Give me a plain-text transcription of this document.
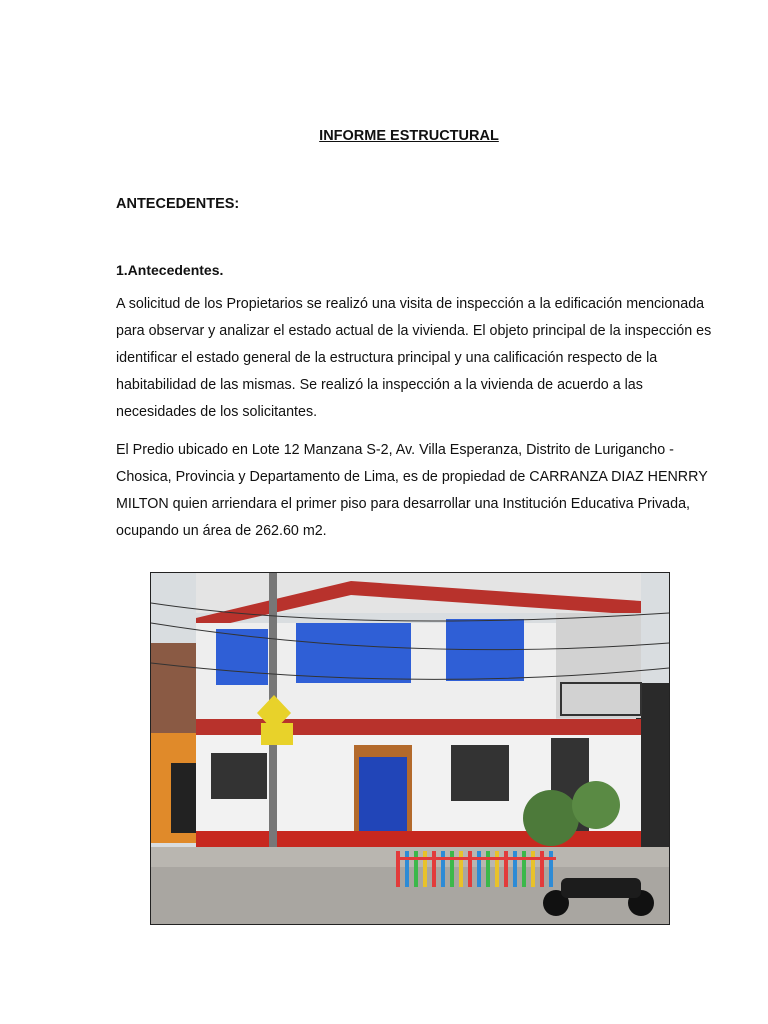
INFORME ESTRUCTURAL
ANTECEDENTES:
1.Antecedentes.

A solicitud de los Propietarios se realizó una visita de inspección a la edificación mencionada para observar y analizar el estado actual de la vivienda. El objeto principal de la inspección es identificar el estado general de la estructura principal y una calificación respecto de la habitabilidad de las mismas. Se realizó la inspección a la vivienda de acuerdo a las necesidades de los solicitantes.

El Predio ubicado en Lote 12 Manzana S-2, Av. Villa Esperanza, Distrito de Lurigancho - Chosica, Provincia y Departamento de Lima, es de propiedad de CARRANZA DIAZ HENRRY MILTON quien arriendara el primer piso para desarrollar una Institución Educativa Privada, ocupando un área de 262.60 m2.
